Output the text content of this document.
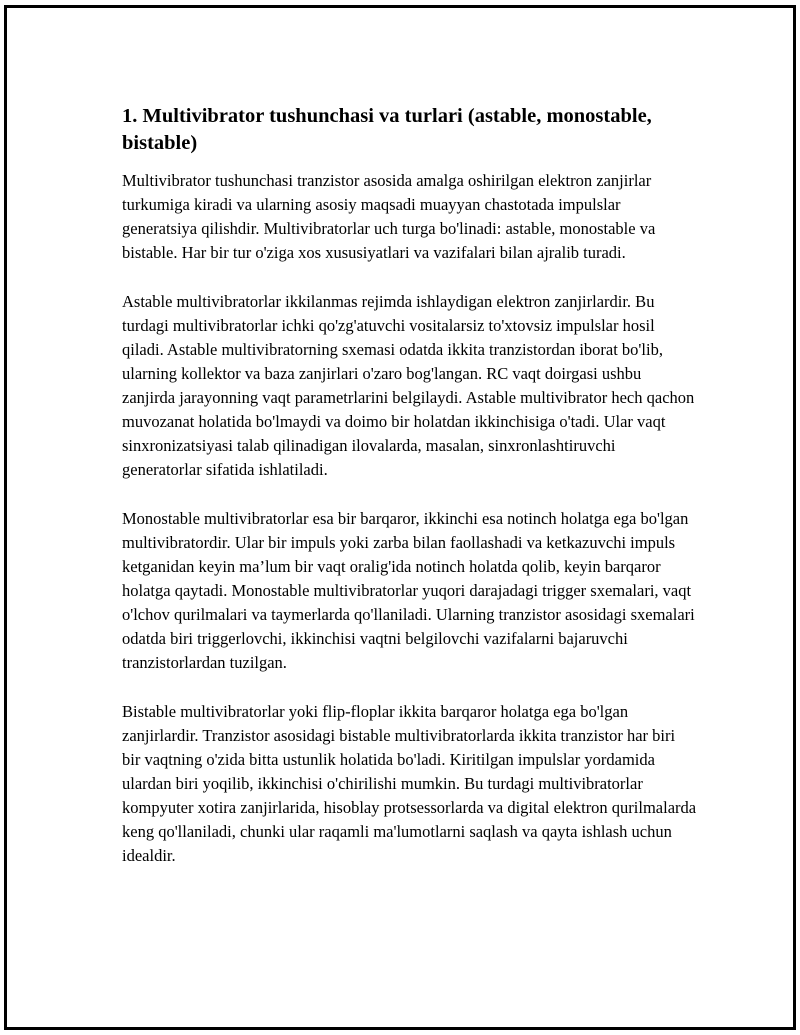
1. Multivibrator tushunchasi va turlari (astable, monostable, bistable)

Multivibrator tushunchasi tranzistor asosida amalga oshirilgan elektron zanjirlar turkumiga kiradi va ularning asosiy maqsadi muayyan chastotada impulslar generatsiya qilishdir. Multivibratorlar uch turga bo'linadi: astable, monostable va bistable. Har bir tur o'ziga xos xususiyatlari va vazifalari bilan ajralib turadi.

Astable multivibratorlar ikkilanmas rejimda ishlaydigan elektron zanjirlardir. Bu turdagi multivibratorlar ichki qo'zg'atuvchi vositalarsiz to'xtovsiz impulslar hosil qiladi. Astable multivibratorning sxemasi odatda ikkita tranzistordan iborat bo'lib, ularning kollektor va baza zanjirlari o'zaro bog'langan. RC vaqt doirgasi ushbu zanjirda jarayonning vaqt parametrlarini belgilaydi. Astable multivibrator hech qachon muvozanat holatida bo'lmaydi va doimo bir holatdan ikkinchisiga o'tadi. Ular vaqt sinxronizatsiyasi talab qilinadigan ilovalarda, masalan, sinxronlashtiruvchi generatorlar sifatida ishlatiladi.

Monostable multivibratorlar esa bir barqaror, ikkinchi esa notinch holatga ega bo'lgan multivibratordir. Ular bir impuls yoki zarba bilan faollashadi va ketkazuvchi impuls ketganidan keyin ma’lum bir vaqt oralig'ida notinch holatda qolib, keyin barqaror holatga qaytadi. Monostable multivibratorlar yuqori darajadagi trigger sxemalari, vaqt o'lchov qurilmalari va taymerlarda qo'llaniladi. Ularning tranzistor asosidagi sxemalari odatda biri triggerlovchi, ikkinchisi vaqtni belgilovchi vazifalarni bajaruvchi tranzistorlardan tuzilgan.

Bistable multivibratorlar yoki flip-floplar ikkita barqaror holatga ega bo'lgan zanjirlardir. Tranzistor asosidagi bistable multivibratorlarda ikkita tranzistor har biri bir vaqtning o'zida bitta ustunlik holatida bo'ladi. Kiritilgan impulslar yordamida ulardan biri yoqilib, ikkinchisi o'chirilishi mumkin. Bu turdagi multivibratorlar kompyuter xotira zanjirlarida, hisoblay protsessorlarda va digital elektron qurilmalarda keng qo'llaniladi, chunki ular raqamli ma'lumotlarni saqlash va qayta ishlash uchun idealdir.
